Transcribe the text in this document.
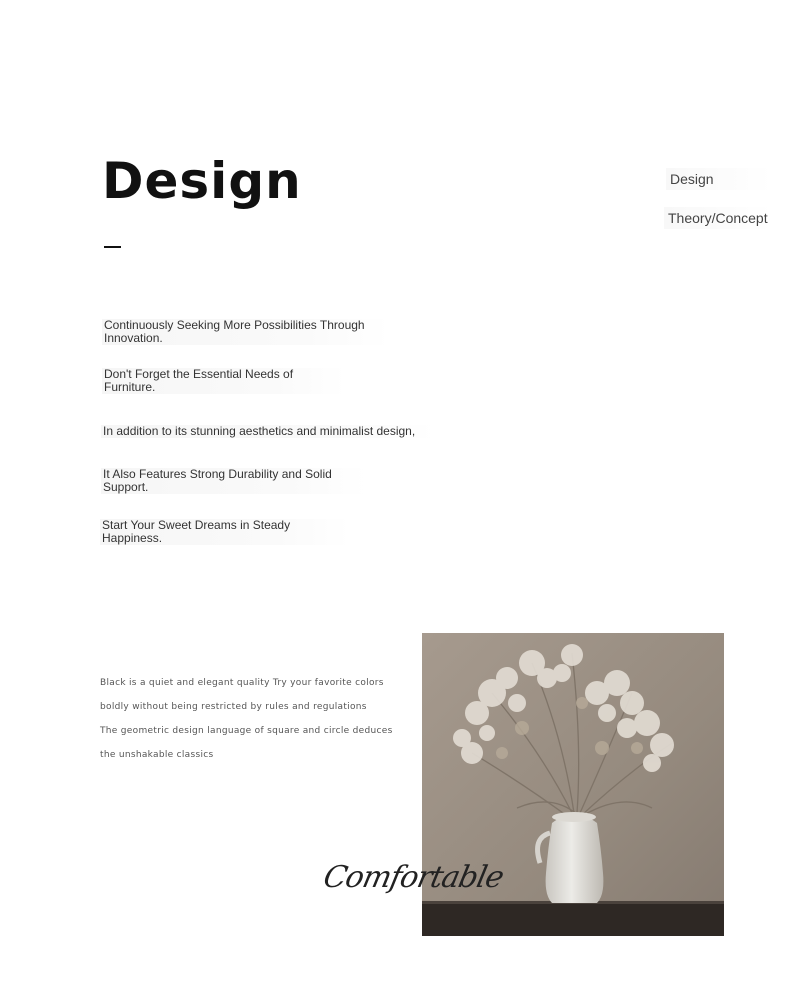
Design	Design
Theory/Concept
Continuously Seeking More Possibilities Through Innovation.
Don't Forget the Essential Needs of Furniture.
In addition to its stunning aesthetics and minimalist design,
It Also Features Strong Durability and Solid Support.
Start Your Sweet Dreams in Steady Happiness.
Black is a quiet and elegant quality Try your favorite colors
boldly without being restricted by rules and regulations
The geometric design language of square and circle deduces
the unshakable classics
Comfortable
